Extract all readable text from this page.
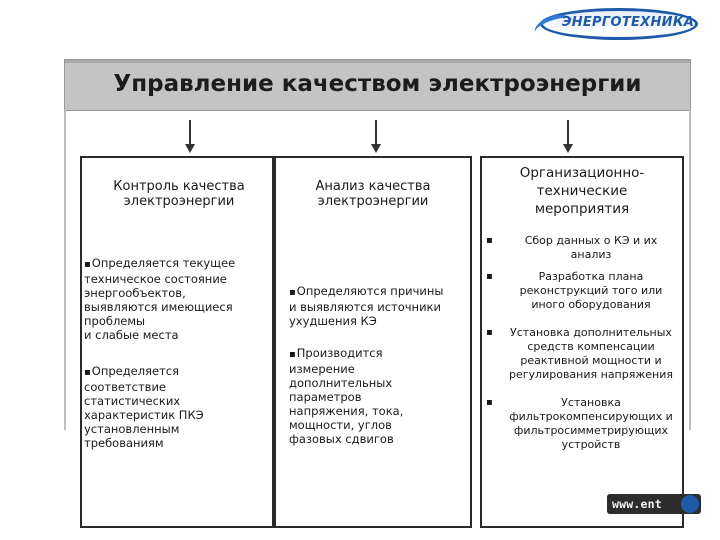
ЭНЕРГОТЕХНИКА
Управление качеством электроэнергии
Контроль качества
электроэнергии
Анализ качества
электроэнергии
Организационно-
технические
мероприятия
▪ Определяется текущее
техническое состояние
энергообъектов,
выявляются имеющиеся
проблемы
и слабые места
▪ Определяется
соответствие
статистических
характеристик ПКЭ
установленным
требованиям
▪ Определяются причины
и выявляются источники
ухудшения КЭ
▪ Производится
измерение
дополнительных
параметров
напряжения, тока,
мощности, углов
фазовых сдвигов
▪	Сбор данных о КЭ и их
анализ
▪	Разработка плана
реконструкций того или
иного оборудования
▪	Установка дополнительных
средств компенсации
реактивной мощности и
регулирования напряжения
▪	Установка
фильтрокомпенсирующих и
фильтросимметрирующих
устройств
www.ent
